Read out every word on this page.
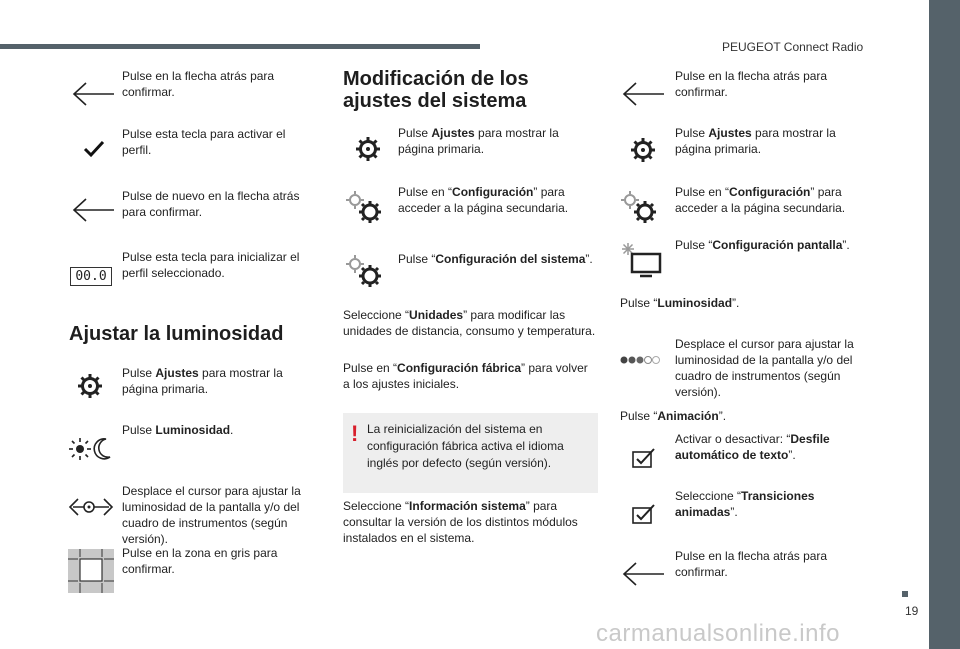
PEUGEOT Connect Radio
19
carmanualsonline.info
Pulse en la flecha atrás para confirmar.
Pulse esta tecla para activar el perfil.
Pulse de nuevo en la flecha atrás para confirmar.
00.0
Pulse esta tecla para inicializar el perfil seleccionado.
Ajustar la luminosidad
Pulse Ajustes para mostrar la página primaria.
Pulse Luminosidad.
Desplace el cursor para ajustar la luminosidad de la pantalla y/o del cuadro de instrumentos (según versión).
Pulse en la zona en gris para confirmar.
Modificación de los ajustes del sistema
Pulse Ajustes para mostrar la página primaria.
Pulse en “Configuración” para acceder a la página secundaria.
Pulse “Configuración del sistema”.
Seleccione “Unidades” para modificar las unidades de distancia, consumo y temperatura.
Pulse en “Configuración fábrica” para volver a los ajustes iniciales.
! La reinicialización del sistema en configuración fábrica activa el idioma inglés por defecto (según versión).
Seleccione “Información sistema” para consultar la versión de los distintos módulos instalados en el sistema.
Pulse en la flecha atrás para confirmar.
Pulse Ajustes para mostrar la página primaria.
Pulse en “Configuración” para acceder a la página secundaria.
Pulse “Configuración pantalla”.
Pulse “Luminosidad”.
Desplace el cursor para ajustar la luminosidad de la pantalla y/o del cuadro de instrumentos (según versión).
Pulse “Animación”.
Activar o desactivar: “Desfile automático de texto”.
Seleccione “Transiciones animadas”.
Pulse en la flecha atrás para confirmar.
